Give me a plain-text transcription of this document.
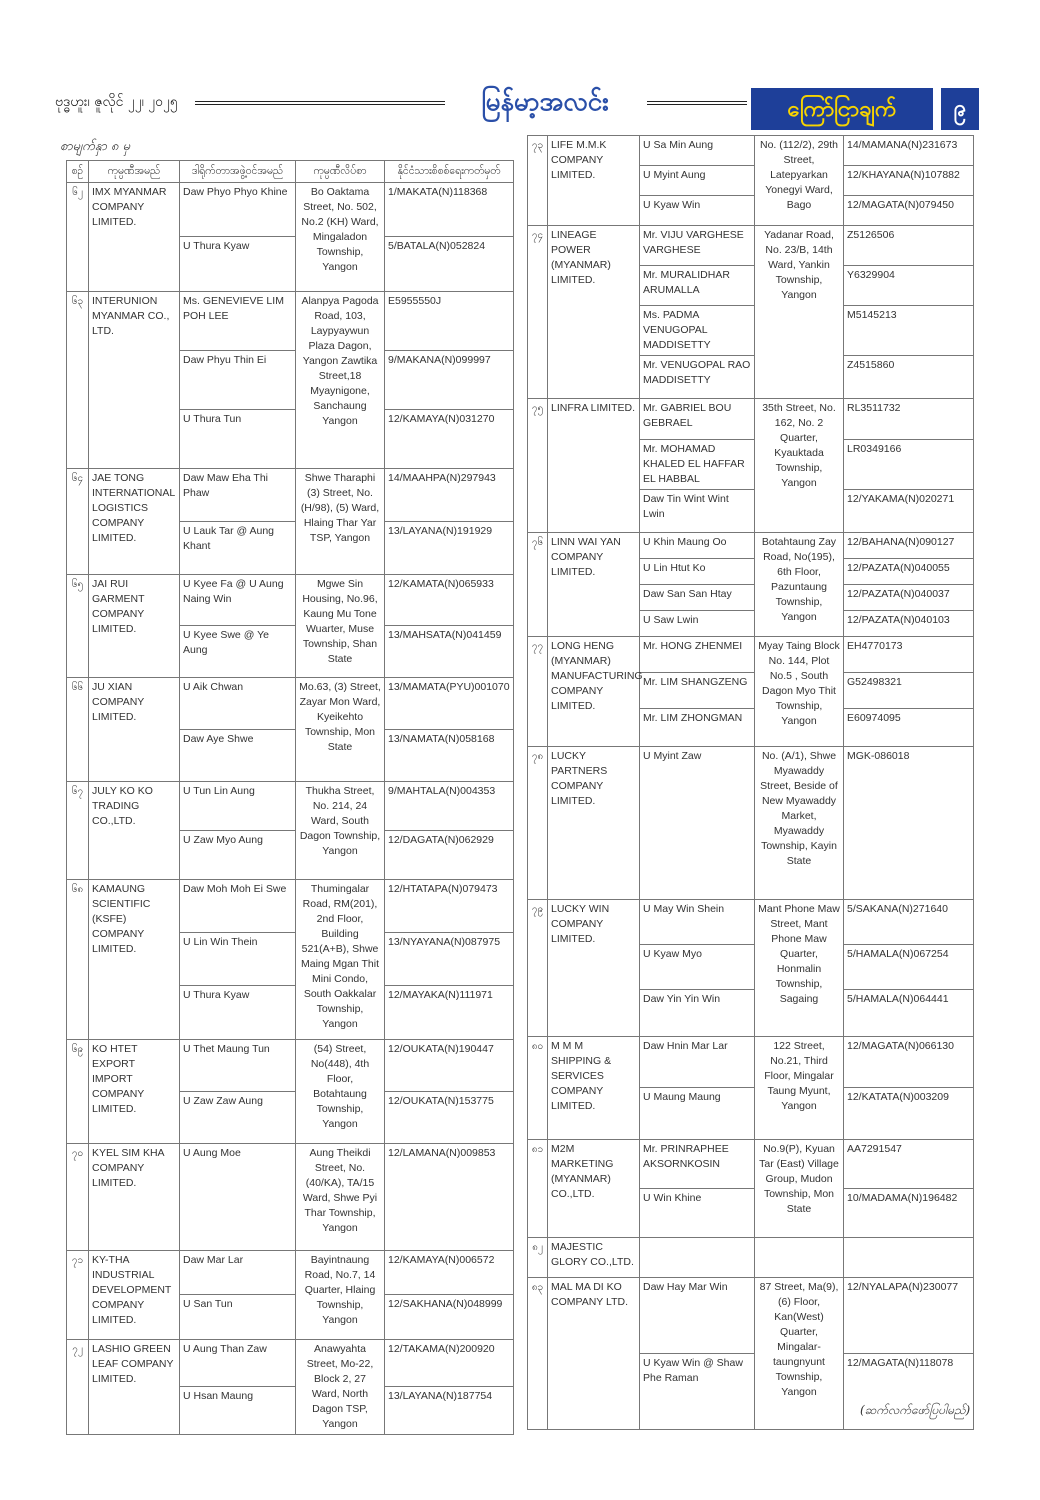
ဗုဒ္ဓဟူး၊ ဇူလိုင် ၂၂၊ ၂၀၂၅	မြန်မာ့အလင်း	ကြော်ငြာချက်	၉
စာမျက်နှာ ၈ မှ
စဉ်	ကုမ္ပဏီအမည်	ဒါရိုက်တာအဖွဲ့ဝင်အမည်	ကုမ္ပဏီလိပ်စာ	နိုင်ငံသားစိစစ်ရေးကတ်မှတ်
၆၂	IMX MYANMAR COMPANY LIMITED.	Daw Phyo Phyo Khine	Bo Oaktama Street, No. 502, No.2 (KH) Ward, Mingaladon Township, Yangon	1/MAKATA(N)118368
		U Thura Kyaw		5/BATALA(N)052824
၆၃	INTERUNION MYANMAR CO., LTD.	Ms. GENEVIEVE LIM POH LEE	Alanpya Pagoda Road, 103, Laypyaywun Plaza Dagon, Yangon Zawtika Street,18 Myaynigone, Sanchaung Yangon	E5955550J
		Daw Phyu Thin Ei		9/MAKANA(N)099997
		U Thura Tun		12/KAMAYA(N)031270
၆၄	JAE TONG INTERNATIONAL LOGISTICS COMPANY LIMITED.	Daw Maw Eha Thi Phaw	Shwe Tharaphi (3) Street, No.(H/98), (5) Ward, Hlaing Thar Yar TSP, Yangon	14/MAAHPA(N)297943
		U Lauk Tar @ Aung Khant		13/LAYANA(N)191929
၆၅	JAI RUI GARMENT COMPANY LIMITED.	U Kyee Fa @ U Aung Naing Win	Mgwe Sin Housing, No.96, Kaung Mu Tone Wuarter, Muse Township, Shan State	12/KAMATA(N)065933
		U Kyee Swe @ Ye Aung		13/MAHSATA(N)041459
၆၆	JU XIAN COMPANY LIMITED.	U Aik Chwan	Mo.63, (3) Street, Zayar Mon Ward, Kyeikehto Township, Mon State	13/MAMATA(PYU)001070
		Daw Aye Shwe		13/NAMATA(N)058168
၆၇	JULY KO KO TRADING CO.,LTD.	U Tun Lin Aung	Thukha Street, No. 214, 24 Ward, South Dagon Township, Yangon	9/MAHTALA(N)004353
		U Zaw Myo Aung		12/DAGATA(N)062929
၆၈	KAMAUNG SCIENTIFIC (KSFE) COMPANY LIMITED.	Daw Moh Moh Ei Swe	Thumingalar Road, RM(201), 2nd Floor, Building 521(A+B), Shwe Maing Mgan Thit Mini Condo, South Oakkalar Township, Yangon	12/HTATAPA(N)079473
		U Lin Win Thein		13/NYAYANA(N)087975
		U Thura Kyaw		12/MAYAKA(N)111971
၆၉	KO HTET EXPORT IMPORT COMPANY LIMITED.	U Thet Maung Tun	(54) Street, No(448), 4th Floor, Botahtaung Township, Yangon	12/OUKATA(N)190447
		U Zaw Zaw Aung		12/OUKATA(N)153775
၇၀	KYEL SIM KHA COMPANY LIMITED.	U Aung Moe	Aung Theikdi Street, No. (40/KA), TA/15 Ward, Shwe Pyi Thar Township, Yangon	12/LAMANA(N)009853
၇၁	KY-THA INDUSTRIAL DEVELOPMENT COMPANY LIMITED.	Daw Mar Lar	Bayintnaung Road, No.7, 14 Quarter, Hlaing Township, Yangon	12/KAMAYA(N)006572
		U San Tun		12/SAKHANA(N)048999
၇၂	LASHIO GREEN LEAF COMPANY LIMITED.	U Aung Than Zaw	Anawyahta Street, Mo-22, Block 2, 27 Ward, North Dagon TSP, Yangon	12/TAKAMA(N)200920
		U Hsan Maung		13/LAYANA(N)187754
၇၃	LIFE M.M.K COMPANY LIMITED.	U Sa Min Aung	No. (112/2), 29th Street, Latepyarkan Yonegyi Ward, Bago	14/MAMANA(N)231673
		U Myint Aung		12/KHAYANA(N)107882
		U Kyaw Win		12/MAGATA(N)079450
၇၄	LINEAGE POWER (MYANMAR) LIMITED.	Mr. VIJU VARGHESE VARGHESE	Yadanar Road, No. 23/B, 14th Ward, Yankin Township, Yangon	Z5126506
		Mr. MURALIDHAR ARUMALLA		Y6329904
		Ms. PADMA VENUGOPAL MADDISETTY		M5145213
		Mr. VENUGOPAL RAO MADDISETTY		Z4515860
၇၅	LINFRA LIMITED.	Mr. GABRIEL BOU GEBRAEL	35th Street, No. 162, No. 2 Quarter, Kyauktada Township, Yangon	RL3511732
		Mr. MOHAMAD KHALED EL HAFFAR EL HABBAL		LR0349166
		Daw Tin Wint Wint Lwin		12/YAKAMA(N)020271
၇၆	LINN WAI YAN COMPANY LIMITED.	U Khin Maung Oo	Botahtaung Zay Road, No(195), 6th Floor, Pazuntaung Township, Yangon	12/BAHANA(N)090127
		U Lin Htut Ko		12/PAZATA(N)040055
		Daw San San Htay		12/PAZATA(N)040037
		U Saw Lwin		12/PAZATA(N)040103
၇၇	LONG HENG (MYANMAR) MANUFACTURING COMPANY LIMITED.	Mr. HONG ZHENMEI	Myay Taing Block No. 144, Plot No.5 , South Dagon Myo Thit Township, Yangon	EH4770173
		Mr. LIM SHANGZENG		G52498321
		Mr. LIM ZHONGMAN		E60974095
၇၈	LUCKY PARTNERS COMPANY LIMITED.	U Myint Zaw	No. (A/1), Shwe Myawaddy Street, Beside of New Myawaddy Market, Myawaddy Township, Kayin State	MGK-086018
၇၉	LUCKY WIN COMPANY LIMITED.	U May Win Shein	Mant Phone Maw Street, Mant Phone Maw Quarter, Honmalin Township, Sagaing	5/SAKANA(N)271640
		U Kyaw Myo		5/HAMALA(N)067254
		Daw Yin Yin Win		5/HAMALA(N)064441
၈၀	M M M SHIPPING & SERVICES COMPANY LIMITED.	Daw Hnin Mar Lar	122 Street, No.21, Third Floor, Mingalar Taung Myunt, Yangon	12/MAGATA(N)066130
		U Maung Maung		12/KATATA(N)003209
၈၁	M2M MARKETING (MYANMAR) CO.,LTD.	Mr. PRINRAPHEE AKSORNKOSIN	No.9(P), Kyuan Tar (East) Village Group, Mudon Township, Mon State	AA7291547
		U Win Khine		10/MADAMA(N)196482
၈၂	MAJESTIC GLORY CO.,LTD.			
၈၃	MAL MA DI KO COMPANY LTD.	Daw Hay Mar Win	87 Street, Ma(9),(6) Floor, Kan(West) Quarter, Mingalar-taungnyunt Township, Yangon	12/NYALAPA(N)230077
		U Kyaw Win @ Shaw Phe Raman		12/MAGATA(N)118078
(ဆက်လက်ဖော်ပြပါမည်)
